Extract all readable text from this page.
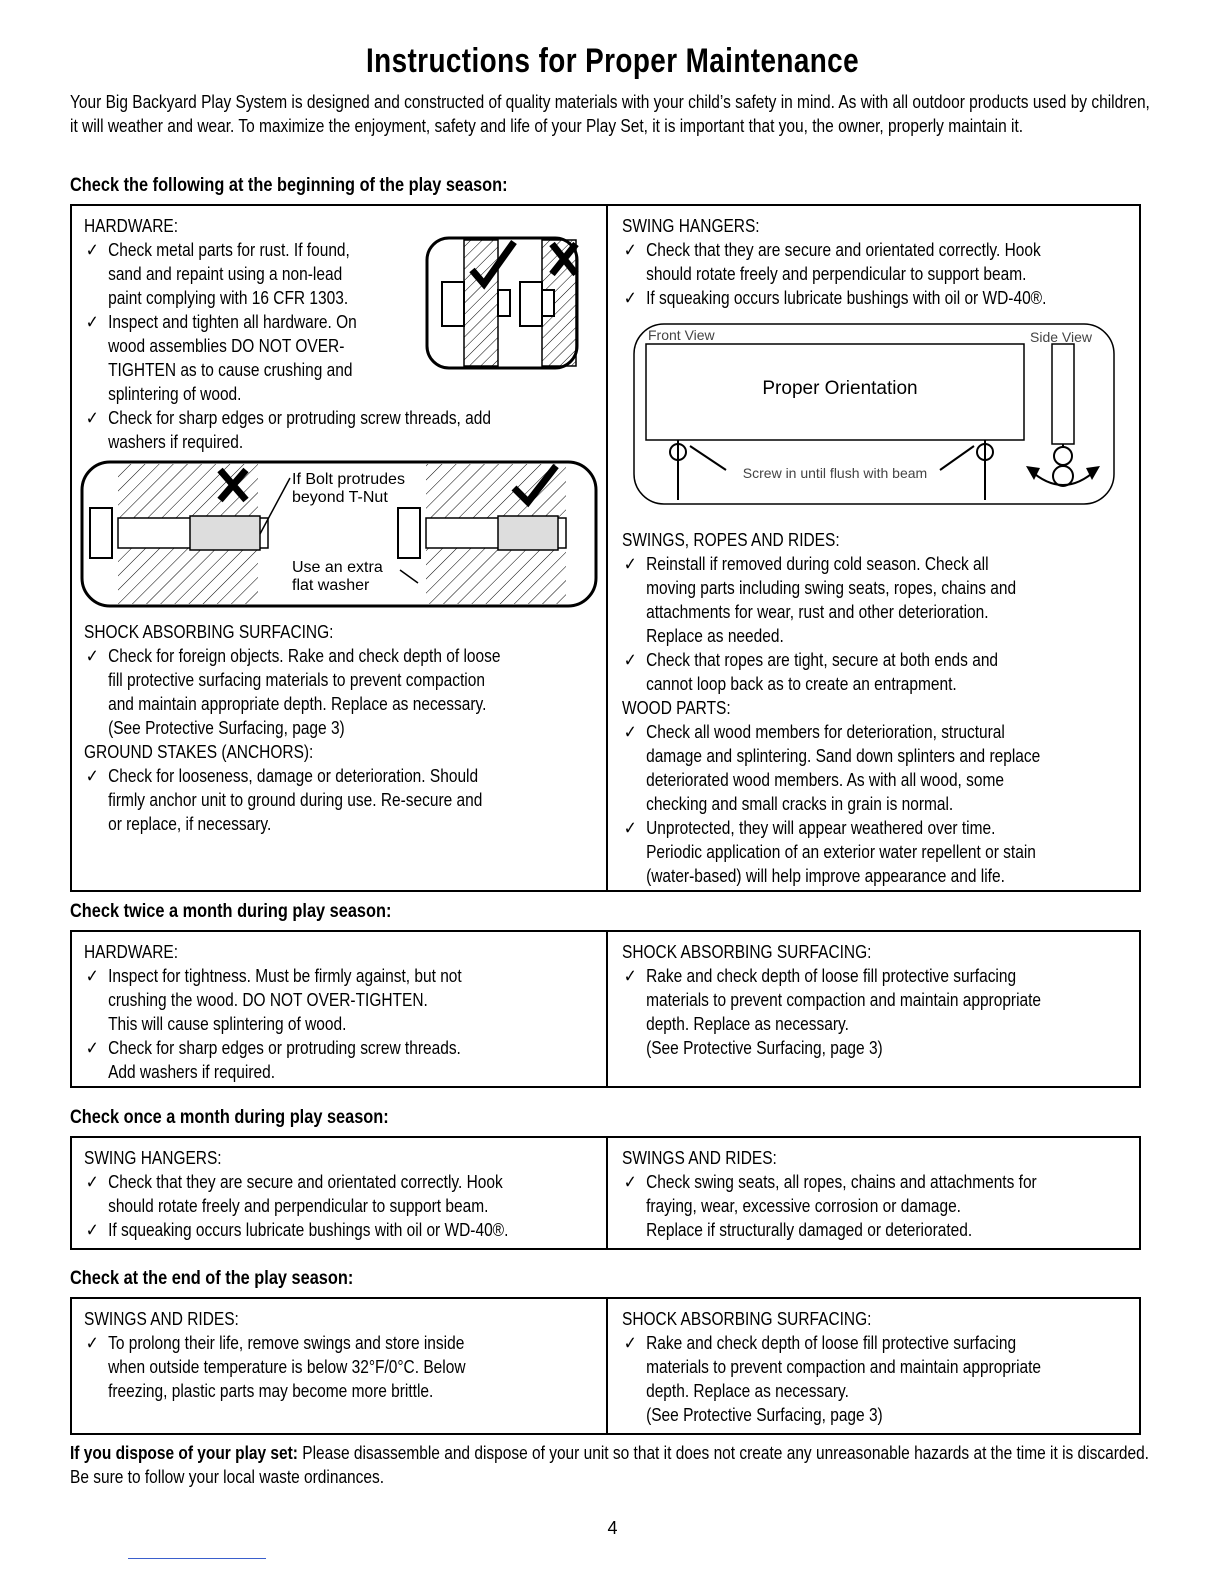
Instructions for Proper Maintenance
Your Big Backyard Play System is designed and constructed of quality materials with your child’s safety in mind. As with all outdoor products used by children, it will weather and wear. To maximize the enjoyment, safety and life of your Play Set, it is important that you, the owner, properly maintain it.
Check the following at the beginning of the play season:
HARDWARE:
✓ Check metal parts for rust. If found,
sand and repaint using a non-lead
paint complying with 16 CFR 1303.
✓ Inspect and tighten all hardware. On
wood assemblies DO NOT OVER-
TIGHTEN as to cause crushing and
splintering of wood.
✓ Check for sharp edges or protruding screw threads, add
washers if required.
If Bolt protrudes
beyond T-Nut
Use an extra
flat washer
SHOCK ABSORBING SURFACING:
✓ Check for foreign objects. Rake and check depth of loose
fill protective surfacing materials to prevent compaction
and maintain appropriate depth. Replace as necessary.
(See Protective Surfacing, page 3)
GROUND STAKES (ANCHORS):
✓ Check for looseness, damage or deterioration. Should
firmly anchor unit to ground during use. Re-secure and
or replace, if necessary.
SWING HANGERS:
✓ Check that they are secure and orientated correctly. Hook
should rotate freely and perpendicular to support beam.
✓ If squeaking occurs lubricate bushings with oil or WD-40®.
Front View	Side View
Proper Orientation
Screw in until flush with beam
SWINGS, ROPES AND RIDES:
✓ Reinstall if removed during cold season. Check all
moving parts including swing seats, ropes, chains and
attachments for wear, rust and other deterioration.
Replace as needed.
✓ Check that ropes are tight, secure at both ends and
cannot loop back as to create an entrapment.
WOOD PARTS:
✓ Check all wood members for deterioration, structural
damage and splintering. Sand down splinters and replace
deteriorated wood members. As with all wood, some
checking and small cracks in grain is normal.
✓ Unprotected, they will appear weathered over time.
Periodic application of an exterior water repellent or stain
(water-based) will help improve appearance and life.
Check twice a month during play season:
HARDWARE:
✓ Inspect for tightness. Must be firmly against, but not
crushing the wood. DO NOT OVER-TIGHTEN.
This will cause splintering of wood.
✓ Check for sharp edges or protruding screw threads.
Add washers if required.
SHOCK ABSORBING SURFACING:
✓ Rake and check depth of loose fill protective surfacing
materials to prevent compaction and maintain appropriate
depth. Replace as necessary.
(See Protective Surfacing, page 3)
Check once a month during play season:
SWING HANGERS:
✓ Check that they are secure and orientated correctly. Hook
should rotate freely and perpendicular to support beam.
✓ If squeaking occurs lubricate bushings with oil or WD-40®.
SWINGS AND RIDES:
✓ Check swing seats, all ropes, chains and attachments for
fraying, wear, excessive corrosion or damage.
Replace if structurally damaged or deteriorated.
Check at the end of the play season:
SWINGS AND RIDES:
✓ To prolong their life, remove swings and store inside
when outside temperature is below 32°F/0°C. Below
freezing, plastic parts may become more brittle.
SHOCK ABSORBING SURFACING:
✓ Rake and check depth of loose fill protective surfacing
materials to prevent compaction and maintain appropriate
depth. Replace as necessary.
(See Protective Surfacing, page 3)
If you dispose of your play set: Please disassemble and dispose of your unit so that it does not create any unreasonable hazards at the time it is discarded. Be sure to follow your local waste ordinances.
4
